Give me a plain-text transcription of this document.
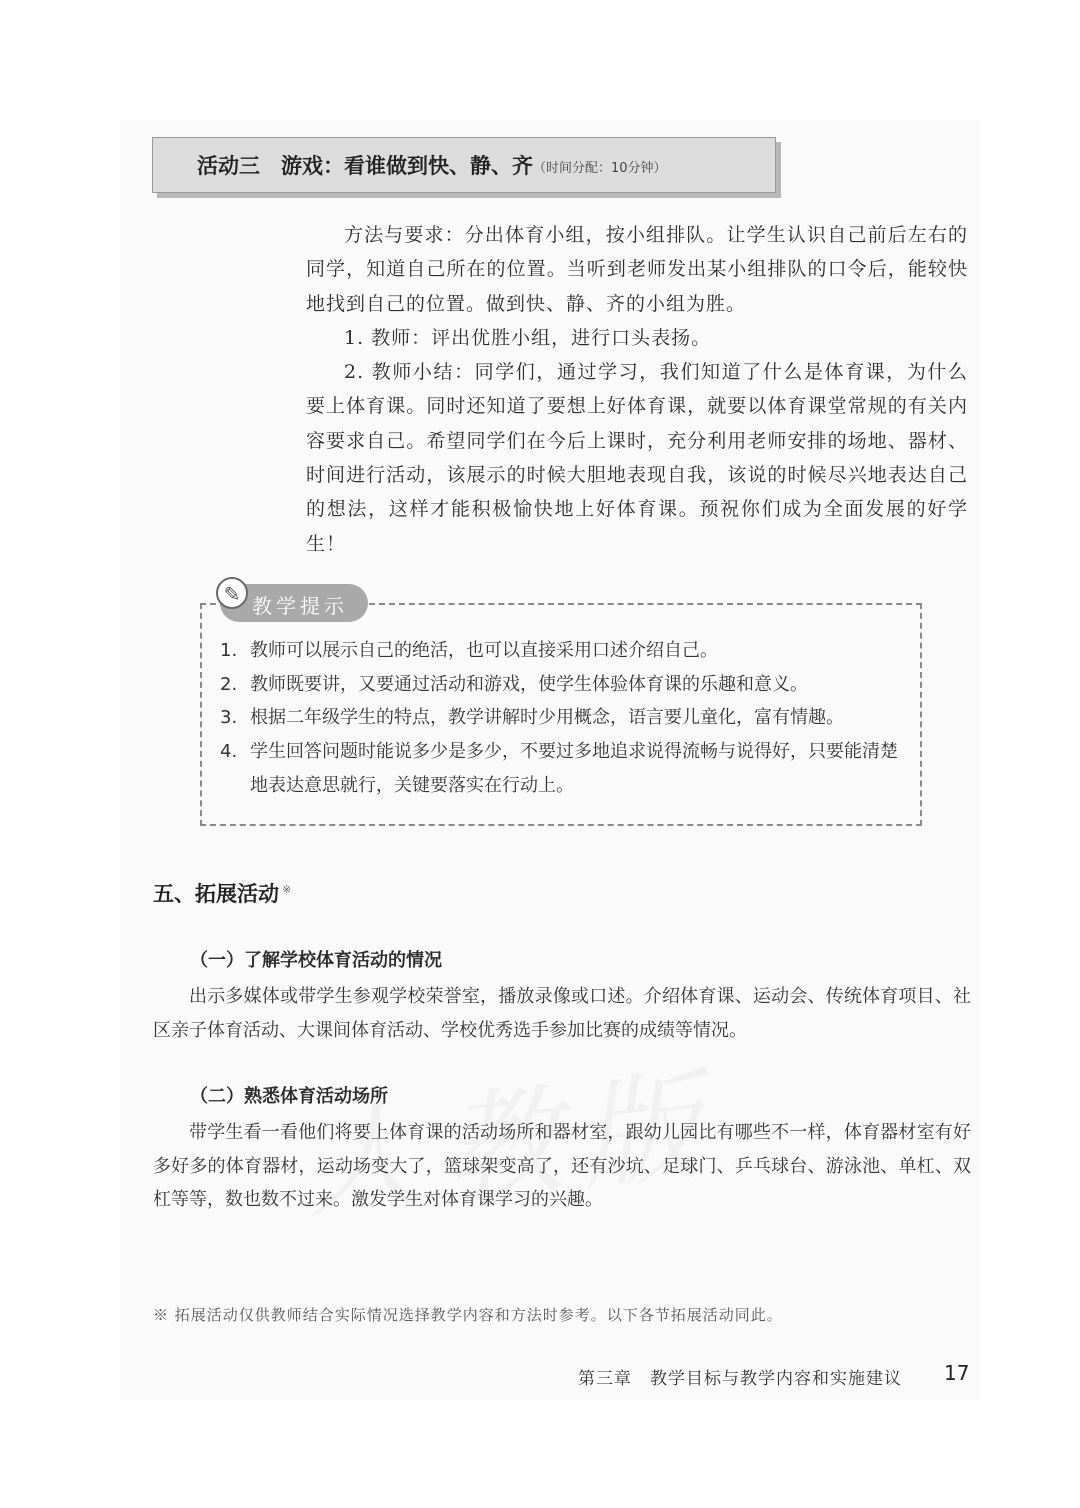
活动三　游戏：看谁做到快、静、齐 （时间分配：10分钟）

方法与要求：分出体育小组，按小组排队。让学生认识自己前后左右的同学，知道自己所在的位置。当听到老师发出某小组排队的口令后，能较快地找到自己的位置。做到快、静、齐的小组为胜。

1. 教师：评出优胜小组，进行口头表扬。

2. 教师小结：同学们，通过学习，我们知道了什么是体育课，为什么要上体育课。同时还知道了要想上好体育课，就要以体育课堂常规的有关内容要求自己。希望同学们在今后上课时，充分利用老师安排的场地、器材、时间进行活动，该展示的时候大胆地表现自我，该说的时候尽兴地表达自己的想法，这样才能积极愉快地上好体育课。预祝你们成为全面发展的好学生！

✎ 教学提示
1. 教师可以展示自己的绝活，也可以直接采用口述介绍自己。
2. 教师既要讲，又要通过活动和游戏，使学生体验体育课的乐趣和意义。
3. 根据二年级学生的特点，教学讲解时少用概念，语言要儿童化，富有情趣。
4. 学生回答问题时能说多少是多少，不要过多地追求说得流畅与说得好，只要能清楚地表达意思就行，关键要落实在行动上。
五、拓展活动 ※
（一）了解学校体育活动的情况

出示多媒体或带学生参观学校荣誉室，播放录像或口述。介绍体育课、运动会、传统体育项目、社区亲子体育活动、大课间体育活动、学校优秀选手参加比赛的成绩等情况。

（二）熟悉体育活动场所

带学生看一看他们将要上体育课的活动场所和器材室，跟幼儿园比有哪些不一样，体育器材室有好多好多的体育器材，运动场变大了，篮球架变高了，还有沙坑、足球门、乒乓球台、游泳池、单杠、双杠等等，数也数不过来。激发学生对体育课学习的兴趣。

※ 拓展活动仅供教师结合实际情况选择教学内容和方法时参考。以下各节拓展活动同此。
第三章　教学目标与教学内容和实施建议 17
